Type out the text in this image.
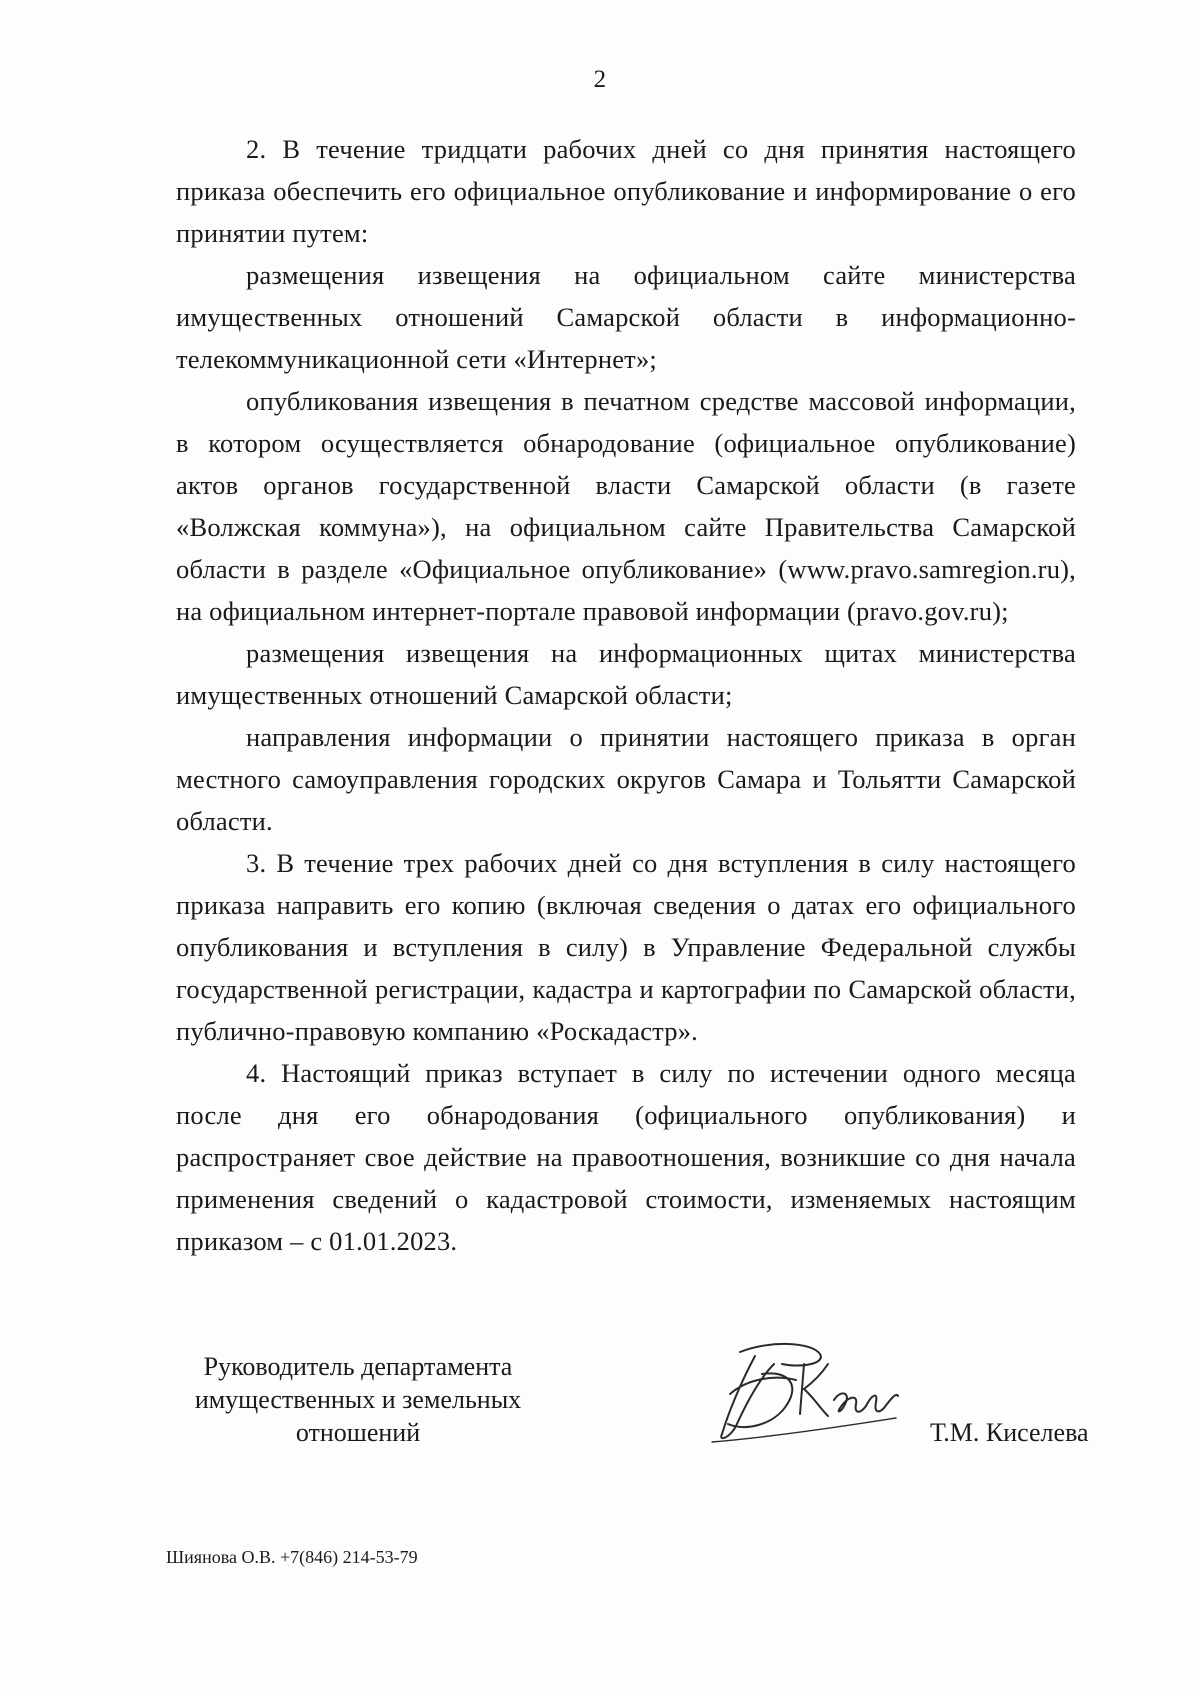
2

2. В течение тридцати рабочих дней со дня принятия настоящего приказа обеспечить его официальное опубликование и информирование о его принятии путем:

размещения извещения на официальном сайте министерства имущественных отношений Самарской области в информационно-телекоммуникационной сети «Интернет»;

опубликования извещения в печатном средстве массовой информации, в котором осуществляется обнародование (официальное опубликование) актов органов государственной власти Самарской области (в газете «Волжская коммуна»), на официальном сайте Правительства Самарской области в разделе «Официальное опубликование» (www.pravo.samregion.ru), на официальном интернет-портале правовой информации (pravo.gov.ru);

размещения извещения на информационных щитах министерства имущественных отношений Самарской области;

направления информации о принятии настоящего приказа в орган местного самоуправления городских округов Самара и Тольятти Самарской области.

3. В течение трех рабочих дней со дня вступления в силу настоящего приказа направить его копию (включая сведения о датах его официального опубликования и вступления в силу) в Управление Федеральной службы государственной регистрации, кадастра и картографии по Самарской области, публично-правовую компанию «Роскадастр».

4. Настоящий приказ вступает в силу по истечении одного месяца после дня его обнародования (официального опубликования) и распространяет свое действие на правоотношения, возникшие со дня начала применения сведений о кадастровой стоимости, изменяемых настоящим приказом – с 01.01.2023.

Руководитель департамента
имущественных и земельных
отношений	Т.М. Киселева
Шиянова О.В. +7(846) 214-53-79
